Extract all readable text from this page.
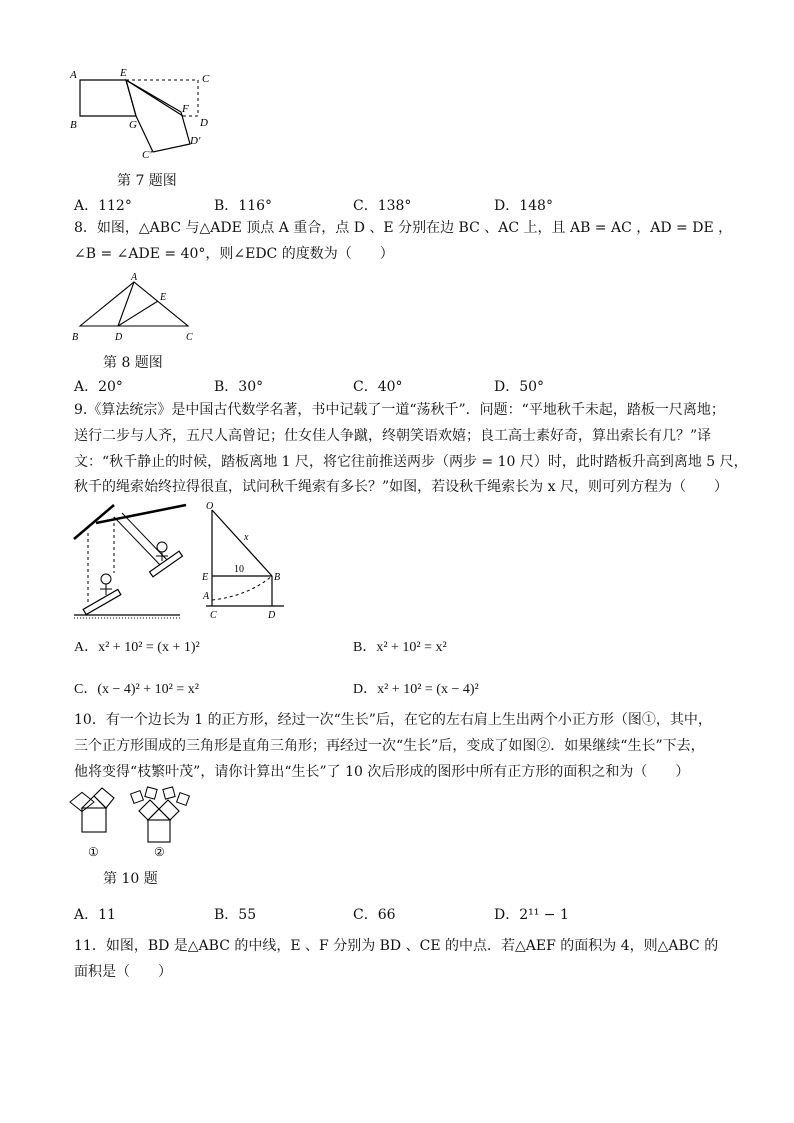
A	E	C
B	G
F
D
D'
C'
第 7 题图
A．112°	B．116°	C．138°	D．148°
8．如图，△ABC 与△ADE 顶点 A 重合，点 D 、E 分别在边 BC 、AC 上，且 AB = AC ，AD = DE ，
∠B = ∠ADE = 40°，则∠EDC 的度数为（　　）
A
E
B	D	C
第 8 题图
A．20°	B．30°	C．40°	D．50°
9.《算法统宗》是中国古代数学名著，书中记载了一道“荡秋千”．问题：“平地秋千未起，踏板一尺离地；
送行二步与人齐，五尺人高曾记；仕女佳人争蹴，终朝笑语欢嬉；良工高士素好奇，算出索长有几？”译
文：“秋千静止的时候，踏板离地 1 尺，将它往前推送两步（两步 = 10 尺）时，此时踏板升高到离地 5 尺，
秋千的绳索始终拉得很直，试问秋千绳索有多长？”如图，若设秋千绳索长为 x 尺，则可列方程为（　　）
O
x
E
10
B
A
C	D
A．x² + 10² = (x + 1)²	B．x² + 10² = x²
C．(x − 4)² + 10² = x²	D．x² + 10² = (x − 4)²
10．有一个边长为 1 的正方形，经过一次“生长”后，在它的左右肩上生出两个小正方形（图①，其中，
三个正方形围成的三角形是直角三角形；再经过一次“生长”后，变成了如图②．如果继续“生长”下去，
他将变得“枝繁叶茂”，请你计算出“生长”了 10 次后形成的图形中所有正方形的面积之和为（　　）
①	②
第 10 题
A．11	B．55	C．66	D．2¹¹ − 1
11．如图，BD 是△ABC 的中线，E 、F 分别为 BD 、CE 的中点．若△AEF 的面积为 4，则△ABC 的
面积是（　　）
